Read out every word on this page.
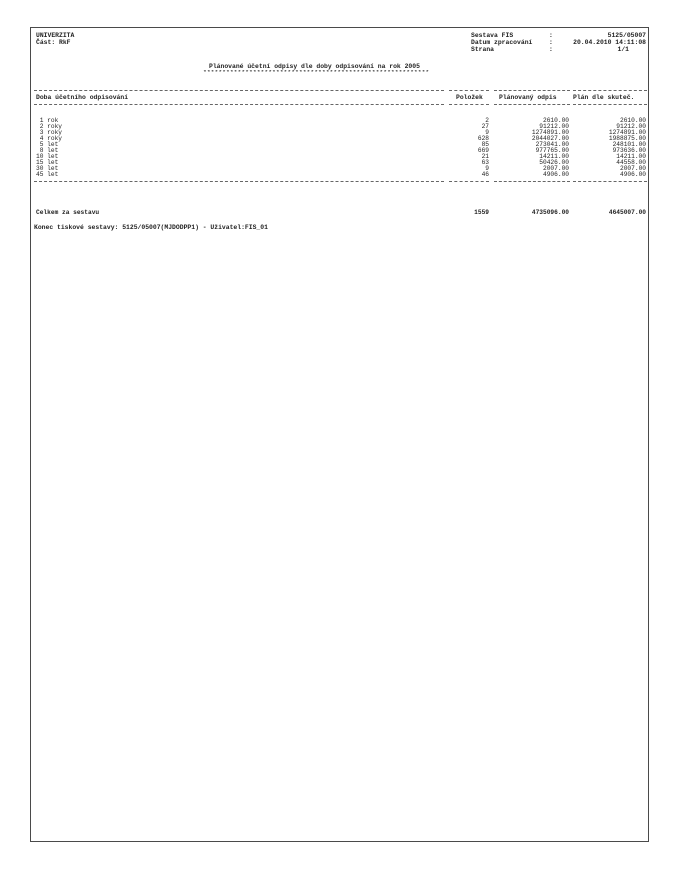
UNIVERZITA
Část: RkF
Sestava FIS	:	5125/05007
Datum zpracování	:	20.04.2010 14:11:08
Strana	:	1/1
Plánované účetní odpisy dle doby odpisování na rok 2005
***********************************************************
Doba účetního odpisování	Položek	Plánovaný odpis	Plán dle skuteč.
1 rok	2	2610.00	2610.00
2 roky	27	91212.00	91212.00
3 roky	9	1274891.00	1274891.00
4 roky	628	2044027.00	1988875.00
5 let	85	273041.00	248101.00
8 let	669	977765.00	973636.00
10 let	21	14211.00	14211.00
15 let	63	50426.00	44558.00
30 let	9	2007.00	2007.00
45 let	46	4906.00	4906.00
Celkem za sestavu	1559	4735096.00	4645007.00
Konec tiskové sestavy: 5125/05007(MJDODPP1) - Uživatel:FIS_01
